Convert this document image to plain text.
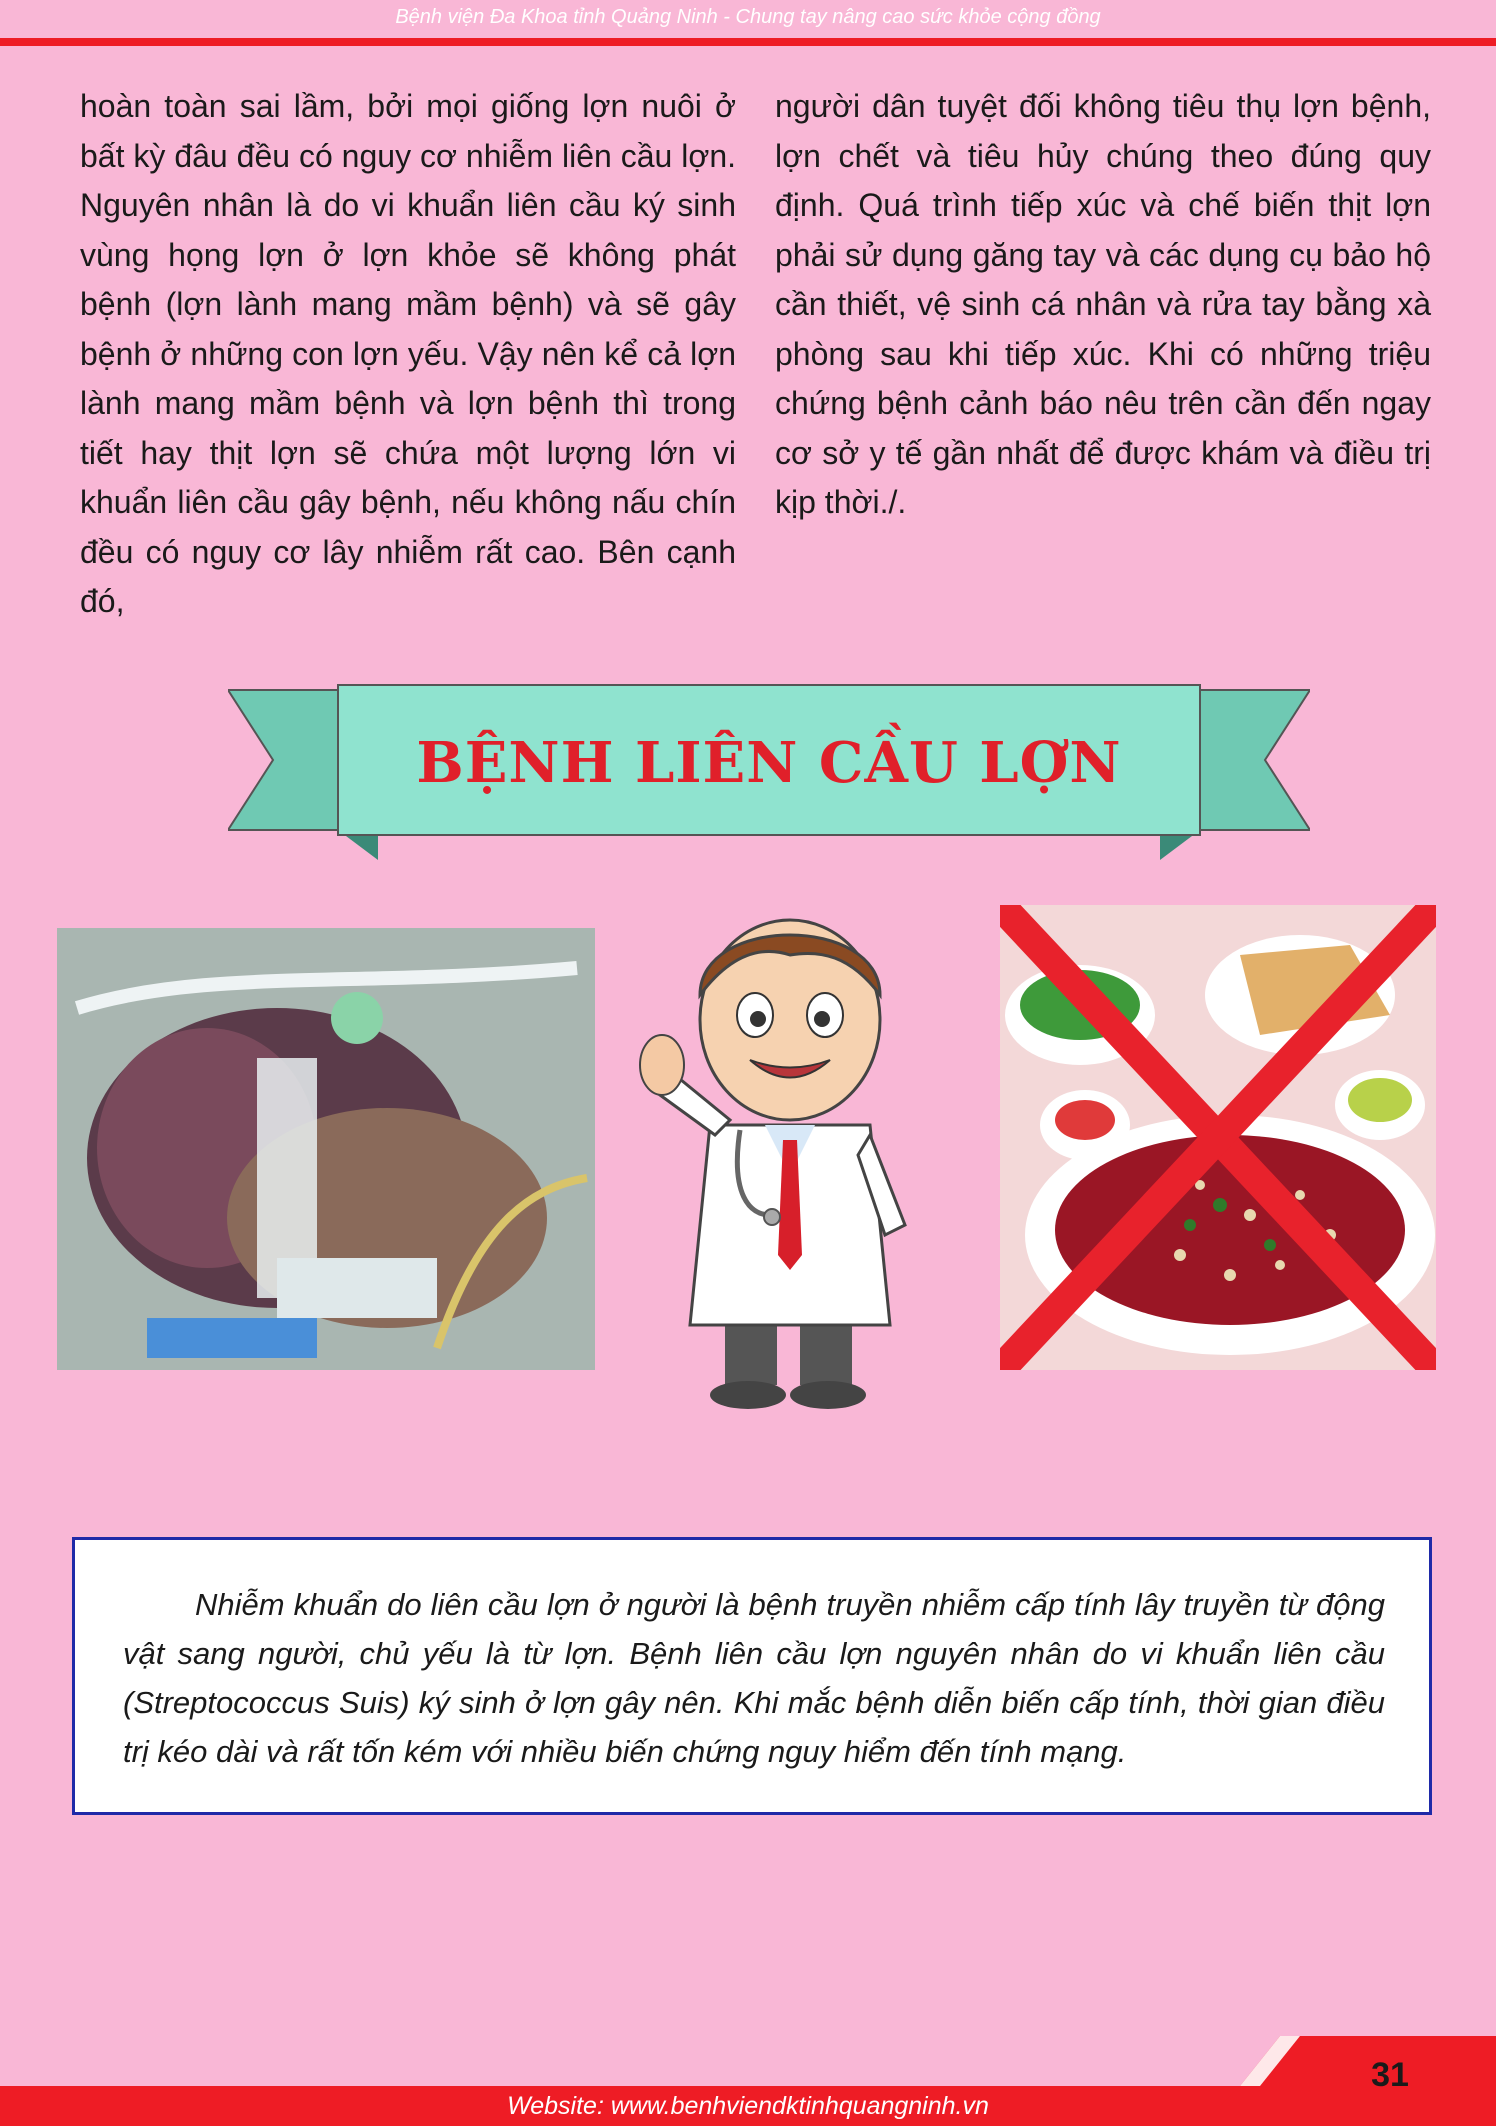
Bệnh viện Đa Khoa tỉnh Quảng Ninh - Chung tay nâng cao sức khỏe cộng đồng
hoàn toàn sai lầm, bởi mọi giống lợn nuôi ở bất kỳ đâu đều có nguy cơ nhiễm liên cầu lợn. Nguyên nhân là do vi khuẩn liên cầu ký sinh vùng họng lợn ở lợn khỏe sẽ không phát bệnh (lợn lành mang mầm bệnh) và sẽ gây bệnh ở những con lợn yếu. Vậy nên kể cả lợn lành mang mầm bệnh và lợn bệnh thì trong tiết hay thịt lợn sẽ chứa một lượng lớn vi khuẩn liên cầu gây bệnh, nếu không nấu chín đều có nguy cơ lây nhiễm rất cao. Bên cạnh đó,
người dân tuyệt đối không tiêu thụ lợn bệnh, lợn chết và tiêu hủy chúng theo đúng quy định. Quá trình tiếp xúc và chế biến thịt lợn phải sử dụng găng tay và các dụng cụ bảo hộ cần thiết, vệ sinh cá nhân và rửa tay bằng xà phòng sau khi tiếp xúc. Khi có những triệu chứng bệnh cảnh báo nêu trên cần đến ngay cơ sở y tế gần nhất để được khám và điều trị kịp thời./.
BỆNH LIÊN CẦU LỢN
Nhiễm khuẩn do liên cầu lợn ở người là bệnh truyền nhiễm cấp tính lây truyền từ động vật sang người, chủ yếu là từ lợn. Bệnh liên cầu lợn nguyên nhân do vi khuẩn liên cầu (Streptococcus Suis) ký sinh ở lợn gây nên. Khi mắc bệnh diễn biến cấp tính, thời gian điều trị kéo dài và rất tốn kém với nhiều biến chứng nguy hiểm đến tính mạng.
31
Website: www.benhviendktinhquangninh.vn
